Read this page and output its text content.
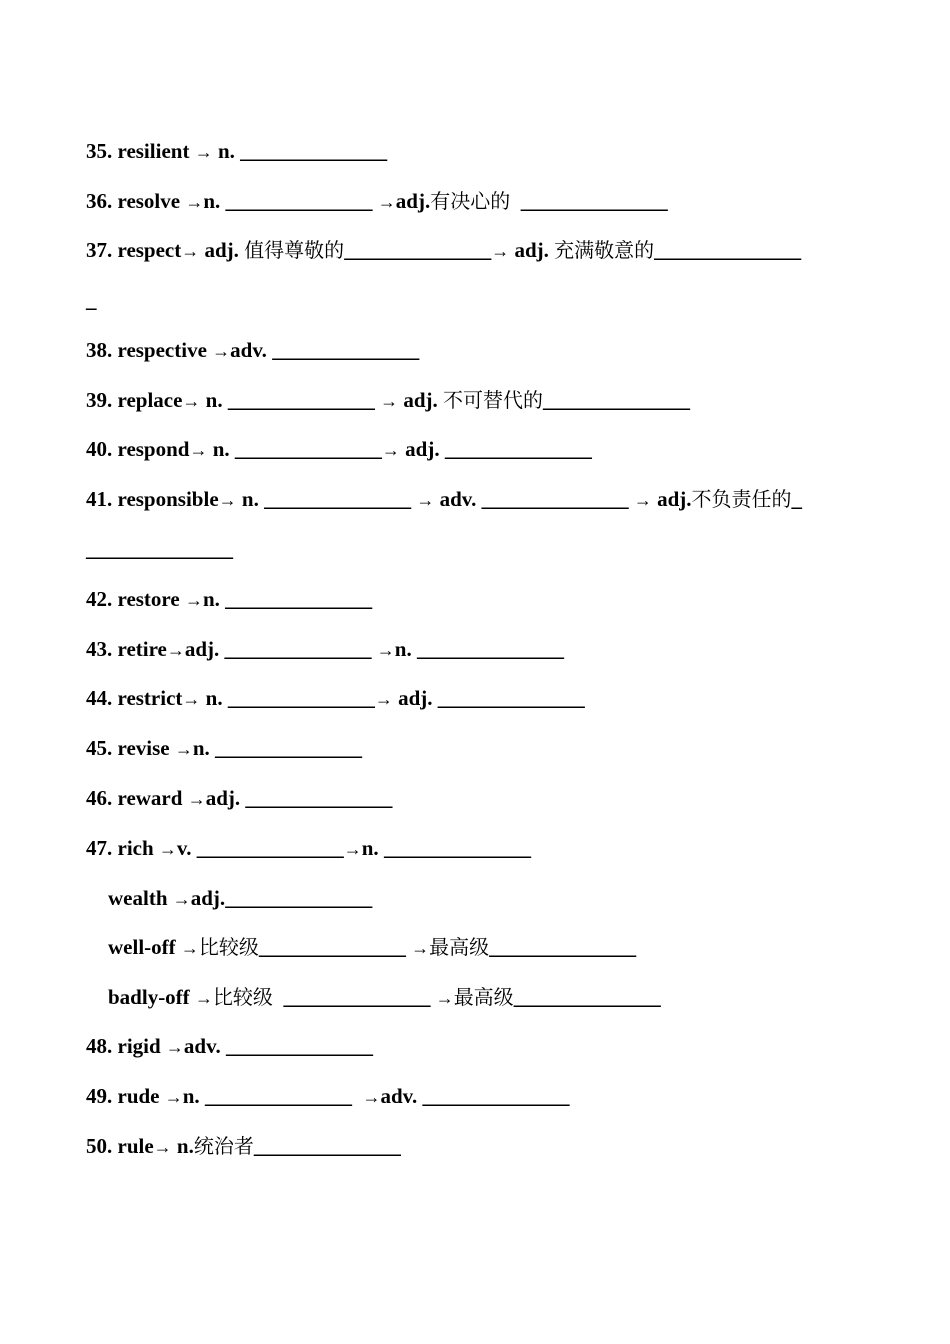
35. resilient → n. ______________
36. resolve →n. ______________ →adj.有决心的 ______________
37. respect→ adj. 值得尊敬的______________→ adj. 充满敬意的______________
_
38. respective →adv. ______________
39. replace→ n. ______________ → adj. 不可替代的______________
40. respond→ n. ______________→ adj. ______________
41. responsible→ n. ______________ → adv. ______________ → adj.不负责任的_
______________
42. restore →n. ______________
43. retire→adj. ______________ →n. ______________
44. restrict→ n. ______________→ adj. ______________
45. revise →n. ______________
46. reward →adj. ______________
47. rich →v. ______________→n. ______________
wealth →adj.______________
well-off →比较级______________ →最高级______________
badly-off →比较级 ______________ →最高级______________
48. rigid →adv. ______________
49. rude →n. ______________ →adv. ______________
50. rule→ n.统治者______________
